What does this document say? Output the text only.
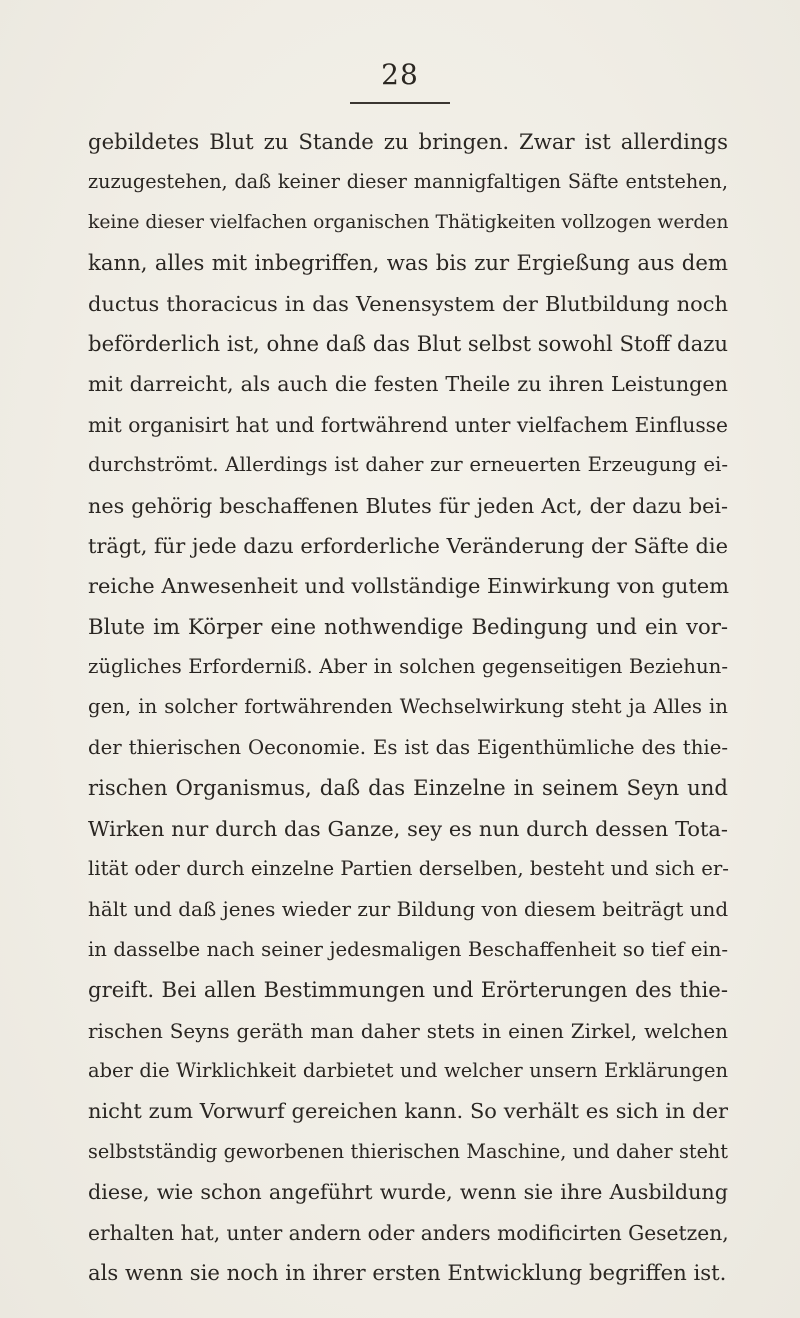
28
gebildetes Blut zu Stande zu bringen. Zwar ist allerdings
zuzugestehen, daß keiner dieser mannigfaltigen Säfte entstehen,
keine dieser vielfachen organischen Thätigkeiten vollzogen werden
kann, alles mit inbegriffen, was bis zur Ergießung aus dem
ductus thoracicus in das Venensystem der Blutbildung noch
beförderlich ist, ohne daß das Blut selbst sowohl Stoff dazu
mit darreicht, als auch die festen Theile zu ihren Leistungen
mit organisirt hat und fortwährend unter vielfachem Einflusse
durchströmt. Allerdings ist daher zur erneuerten Erzeugung ei-
nes gehörig beschaffenen Blutes für jeden Act, der dazu bei-
trägt, für jede dazu erforderliche Veränderung der Säfte die
reiche Anwesenheit und vollständige Einwirkung von gutem
Blute im Körper eine nothwendige Bedingung und ein vor-
zügliches Erforderniß. Aber in solchen gegenseitigen Beziehun-
gen, in solcher fortwährenden Wechselwirkung steht ja Alles in
der thierischen Oeconomie. Es ist das Eigenthümliche des thie-
rischen Organismus, daß das Einzelne in seinem Seyn und
Wirken nur durch das Ganze, sey es nun durch dessen Tota-
lität oder durch einzelne Partien derselben, besteht und sich er-
hält und daß jenes wieder zur Bildung von diesem beiträgt und
in dasselbe nach seiner jedesmaligen Beschaffenheit so tief ein-
greift. Bei allen Bestimmungen und Erörterungen des thie-
rischen Seyns geräth man daher stets in einen Zirkel, welchen
aber die Wirklichkeit darbietet und welcher unsern Erklärungen
nicht zum Vorwurf gereichen kann. So verhält es sich in der
selbstständig geworbenen thierischen Maschine, und daher steht
diese, wie schon angeführt wurde, wenn sie ihre Ausbildung
erhalten hat, unter andern oder anders modificirten Gesetzen,
als wenn sie noch in ihrer ersten Entwicklung begriffen ist.
